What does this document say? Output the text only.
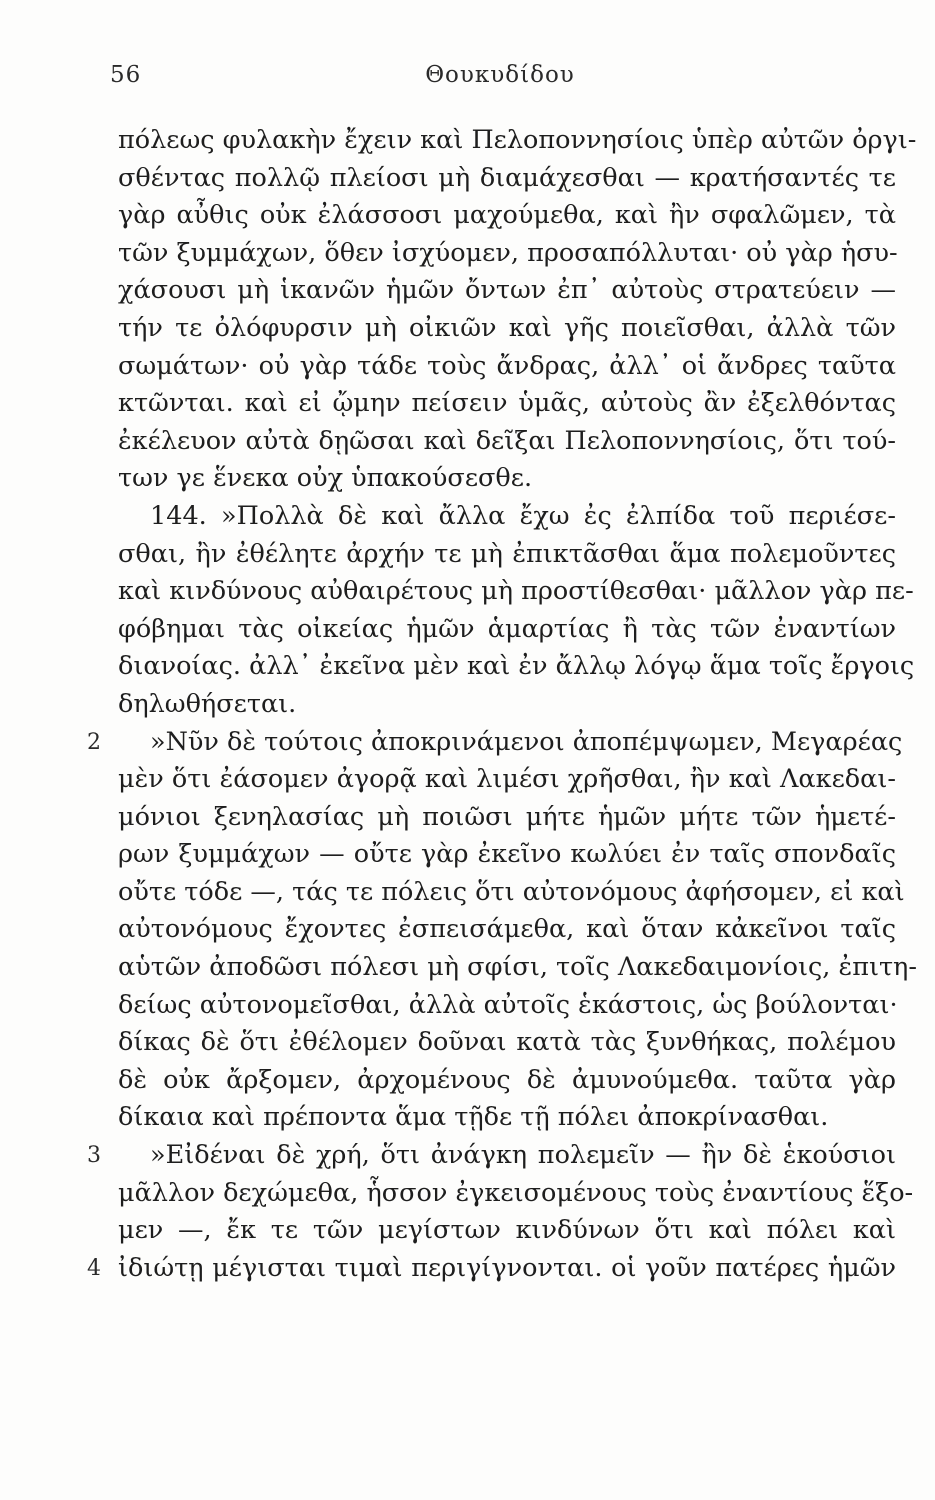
56	Θουκυδίδου
πόλεως φυλακὴν ἔχειν καὶ Πελοποννησίοις ὑπὲρ αὐτῶν ὀργι-
σθέντας πολλῷ πλείοσι μὴ διαμάχεσθαι — κρατήσαντές τε
γὰρ αὖθις οὐκ ἐλάσσοσι μαχούμεθα, καὶ ἢν σφαλῶμεν, τὰ
τῶν ξυμμάχων, ὅθεν ἰσχύομεν, προσαπόλλυται· οὐ γὰρ ἡσυ-
χάσουσι μὴ ἱκανῶν ἡμῶν ὄντων ἐπ᾽ αὐτοὺς στρατεύειν —
τήν τε ὀλόφυρσιν μὴ οἰκιῶν καὶ γῆς ποιεῖσθαι, ἀλλὰ τῶν
σωμάτων· οὐ γὰρ τάδε τοὺς ἄνδρας, ἀλλ᾽ οἱ ἄνδρες ταῦτα
κτῶνται. καὶ εἰ ᾤμην πείσειν ὑμᾶς, αὐτοὺς ἂν ἐξελθόντας
ἐκέλευον αὐτὰ δῃῶσαι καὶ δεῖξαι Πελοποννησίοις, ὅτι τού-
των γε ἕνεκα οὐχ ὑπακούσεσθε.
144. »Πολλὰ δὲ καὶ ἄλλα ἔχω ἐς ἐλπίδα τοῦ περιέσε-
σθαι, ἢν ἐθέλητε ἀρχήν τε μὴ ἐπικτᾶσθαι ἅμα πολεμοῦντες
καὶ κινδύνους αὐθαιρέτους μὴ προστίθεσθαι· μᾶλλον γὰρ πε-
φόβημαι τὰς οἰκείας ἡμῶν ἁμαρτίας ἢ τὰς τῶν ἐναντίων
διανοίας. ἀλλ᾽ ἐκεῖνα μὲν καὶ ἐν ἄλλῳ λόγῳ ἅμα τοῖς ἔργοις
δηλωθήσεται.
2 »Νῦν δὲ τούτοις ἀποκρινάμενοι ἀποπέμψωμεν, Μεγαρέας
μὲν ὅτι ἐάσομεν ἀγορᾷ καὶ λιμέσι χρῆσθαι, ἢν καὶ Λακεδαι-
μόνιοι ξενηλασίας μὴ ποιῶσι μήτε ἡμῶν μήτε τῶν ἡμετέ-
ρων ξυμμάχων — οὔτε γὰρ ἐκεῖνο κωλύει ἐν ταῖς σπονδαῖς
οὔτε τόδε —, τάς τε πόλεις ὅτι αὐτονόμους ἀφήσομεν, εἰ καὶ
αὐτονόμους ἔχοντες ἐσπεισάμεθα, καὶ ὅταν κἀκεῖνοι ταῖς
αὑτῶν ἀποδῶσι πόλεσι μὴ σφίσι, τοῖς Λακεδαιμονίοις, ἐπιτη-
δείως αὐτονομεῖσθαι, ἀλλὰ αὐτοῖς ἑκάστοις, ὡς βούλονται·
δίκας δὲ ὅτι ἐθέλομεν δοῦναι κατὰ τὰς ξυνθήκας, πολέμου
δὲ οὐκ ἄρξομεν, ἀρχομένους δὲ ἀμυνούμεθα. ταῦτα γὰρ
δίκαια καὶ πρέποντα ἅμα τῇδε τῇ πόλει ἀποκρίνασθαι.
3 »Εἰδέναι δὲ χρή, ὅτι ἀνάγκη πολεμεῖν — ἢν δὲ ἑκούσιοι
μᾶλλον δεχώμεθα, ἧσσον ἐγκεισομένους τοὺς ἐναντίους ἕξο-
μεν —, ἔκ τε τῶν μεγίστων κινδύνων ὅτι καὶ πόλει καὶ
4 ἰδιώτῃ μέγισται τιμαὶ περιγίγνονται. οἱ γοῦν πατέρες ἡμῶν
